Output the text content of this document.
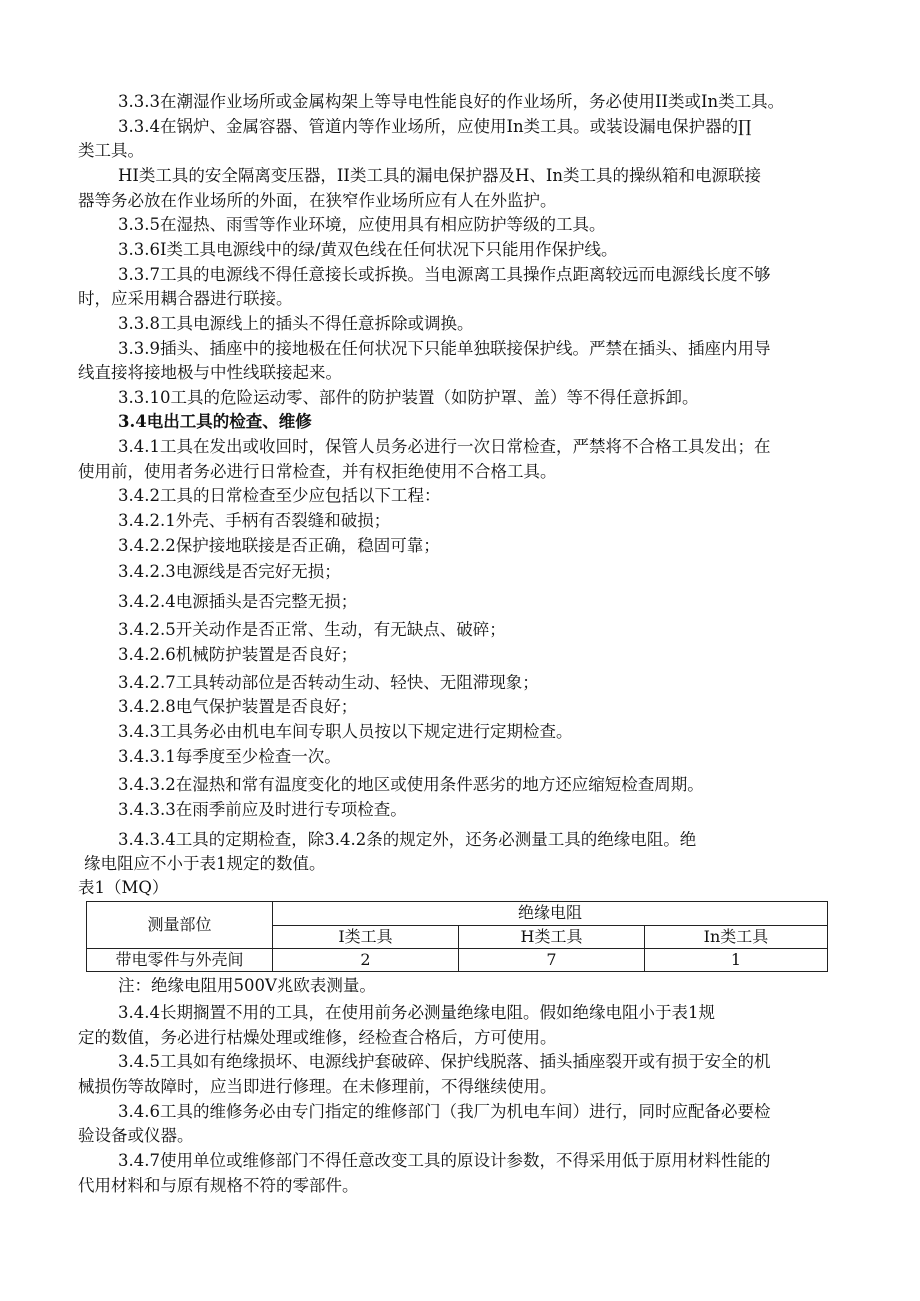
3.3.3在潮湿作业场所或金属构架上等导电性能良好的作业场所，务必使用II类或In类工具。
3.3.4在锅炉、金属容器、管道内等作业场所，应使用In类工具。或装设漏电保护器的∏
类工具。
HI类工具的安全隔离变压器，II类工具的漏电保护器及H、In类工具的操纵箱和电源联接
器等务必放在作业场所的外面，在狭窄作业场所应有人在外监护。
3.3.5在湿热、雨雪等作业环境，应使用具有相应防护等级的工具。
3.3.6I类工具电源线中的绿/黄双色线在任何状况下只能用作保护线。
3.3.7工具的电源线不得任意接长或拆换。当电源离工具操作点距离较远而电源线长度不够
时，应采用耦合器进行联接。
3.3.8工具电源线上的插头不得任意拆除或调换。
3.3.9插头、插座中的接地极在任何状况下只能单独联接保护线。严禁在插头、插座内用导
线直接将接地极与中性线联接起来。
3.3.10工具的危险运动零、部件的防护装置（如防护罩、盖）等不得任意拆卸。
3.4电出工具的检查、维修
3.4.1工具在发出或收回时，保管人员务必进行一次日常检查，严禁将不合格工具发出；在
使用前，使用者务必进行日常检查，并有权拒绝使用不合格工具。
3.4.2工具的日常检查至少应包括以下工程：
3.4.2.1外壳、手柄有否裂缝和破损；
3.4.2.2保护接地联接是否正确，稳固可靠；
3.4.2.3电源线是否完好无损；
3.4.2.4电源插头是否完整无损；
3.4.2.5开关动作是否正常、生动，有无缺点、破碎；
3.4.2.6机械防护装置是否良好；
3.4.2.7工具转动部位是否转动生动、轻快、无阻滞现象；
3.4.2.8电气保护装置是否良好；
3.4.3工具务必由机电车间专职人员按以下规定进行定期检查。
3.4.3.1每季度至少检查一次。
3.4.3.2在湿热和常有温度变化的地区或使用条件恶劣的地方还应缩短检查周期。
3.4.3.3在雨季前应及时进行专项检查。
3.4.3.4工具的定期检查，除3.4.2条的规定外，还务必测量工具的绝缘电阻。绝
缘电阻应不小于表1规定的数值。
表1（MQ）
测量部位	绝缘电阻		
	I类工具	H类工具	In类工具
带电零件与外壳间	2	7	1
注：绝缘电阻用500V兆欧表测量。
3.4.4长期搁置不用的工具，在使用前务必测量绝缘电阻。假如绝缘电阻小于表1规
定的数值，务必进行枯燥处理或维修，经检查合格后，方可使用。
3.4.5工具如有绝缘损坏、电源线护套破碎、保护线脱落、插头插座裂开或有损于安全的机
械损伤等故障时，应当即进行修理。在未修理前，不得继续使用。
3.4.6工具的维修务必由专门指定的维修部门（我厂为机电车间）进行，同时应配备必要检
验设备或仪器。
3.4.7使用单位或维修部门不得任意改变工具的原设计参数，不得采用低于原用材料性能的
代用材料和与原有规格不符的零部件。
